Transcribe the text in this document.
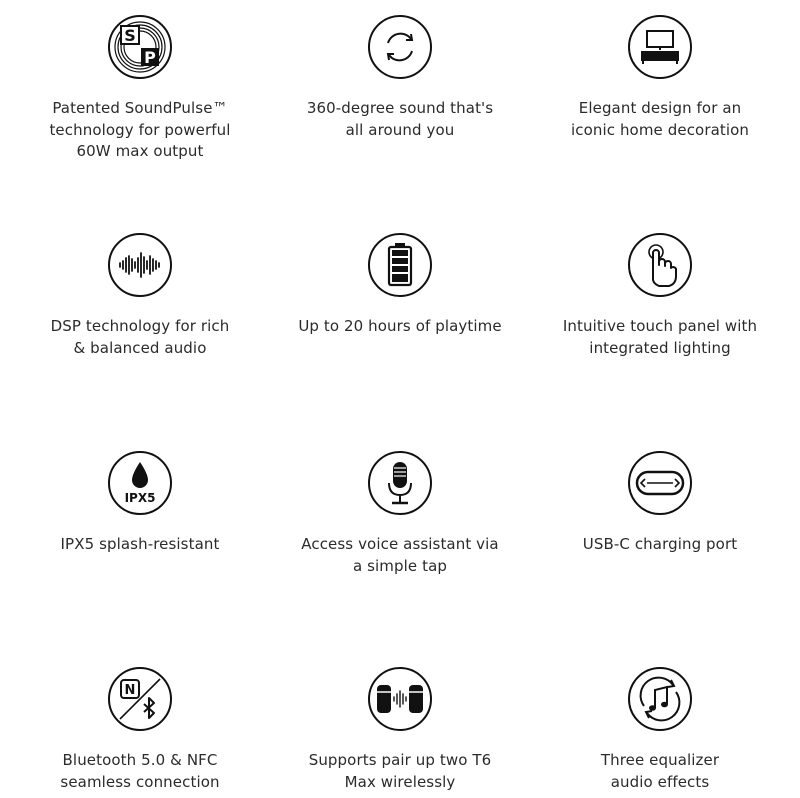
S
P
Patented SoundPulse™
technology for powerful
60W max output
360-degree sound that's
all around you
Elegant design for an
iconic home decoration
DSP technology for rich
& balanced audio
Up to 20 hours of playtime	Intuitive touch panel with
integrated lighting
IPX5
IPX5 splash-resistant	Access voice assistant via
a simple tap
USB-C charging port
N
Bluetooth 5.0 & NFC
seamless connection
Supports pair up two T6
Max wirelessly
Three equalizer
audio effects
